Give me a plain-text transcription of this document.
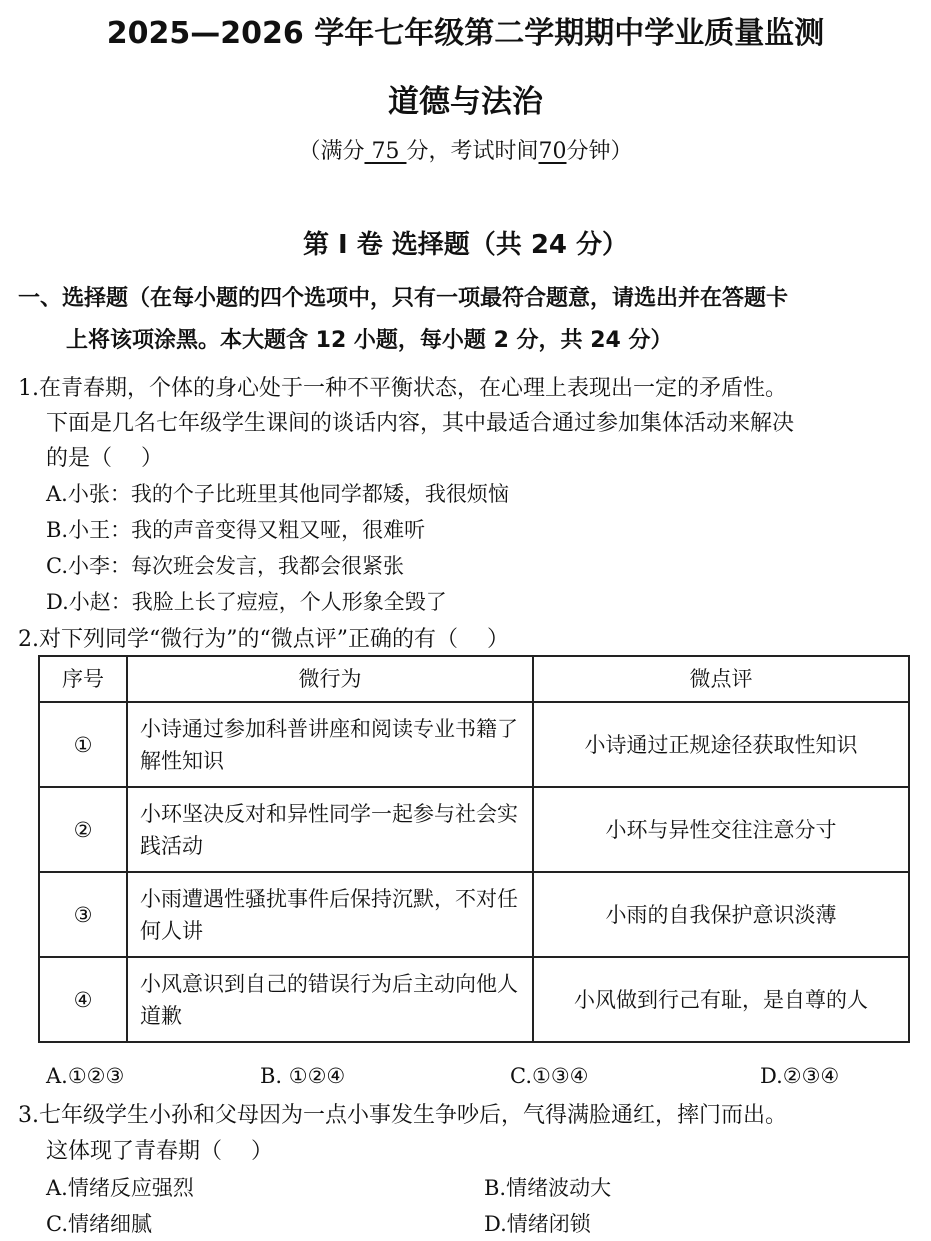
2025—2026 学年七年级第二学期期中学业质量监测
道德与法治
（满分 75 分，考试时间70分钟）
第 Ⅰ 卷 选择题（共 24 分）
一、选择题（在每小题的四个选项中，只有一项最符合题意，请选出并在答题卡
上将该项涂黑。本大题含 12 小题，每小题 2 分，共 24 分）
1.在青春期，个体的身心处于一种不平衡状态，在心理上表现出一定的矛盾性。
下面是几名七年级学生课间的谈话内容，其中最适合通过参加集体活动来解决
的是（　 ）
A.小张：我的个子比班里其他同学都矮，我很烦恼
B.小王：我的声音变得又粗又哑，很难听
C.小李：每次班会发言，我都会很紧张
D.小赵：我脸上长了痘痘，个人形象全毁了
2.对下列同学“微行为”的“微点评”正确的有（　 ）
序号	微行为	微点评
①	小诗通过参加科普讲座和阅读专业书籍了解性知识	小诗通过正规途径获取性知识
②	小环坚决反对和异性同学一起参与社会实践活动	小环与异性交往注意分寸
③	小雨遭遇性骚扰事件后保持沉默，不对任何人讲	小雨的自我保护意识淡薄
④	小风意识到自己的错误行为后主动向他人道歉	小风做到行己有耻，是自尊的人
A.①②③	B. ①②④	C.①③④	D.②③④
3.七年级学生小孙和父母因为一点小事发生争吵后，气得满脸通红，摔门而出。
这体现了青春期（　 ）
A.情绪反应强烈	B.情绪波动大
C.情绪细腻	D.情绪闭锁
